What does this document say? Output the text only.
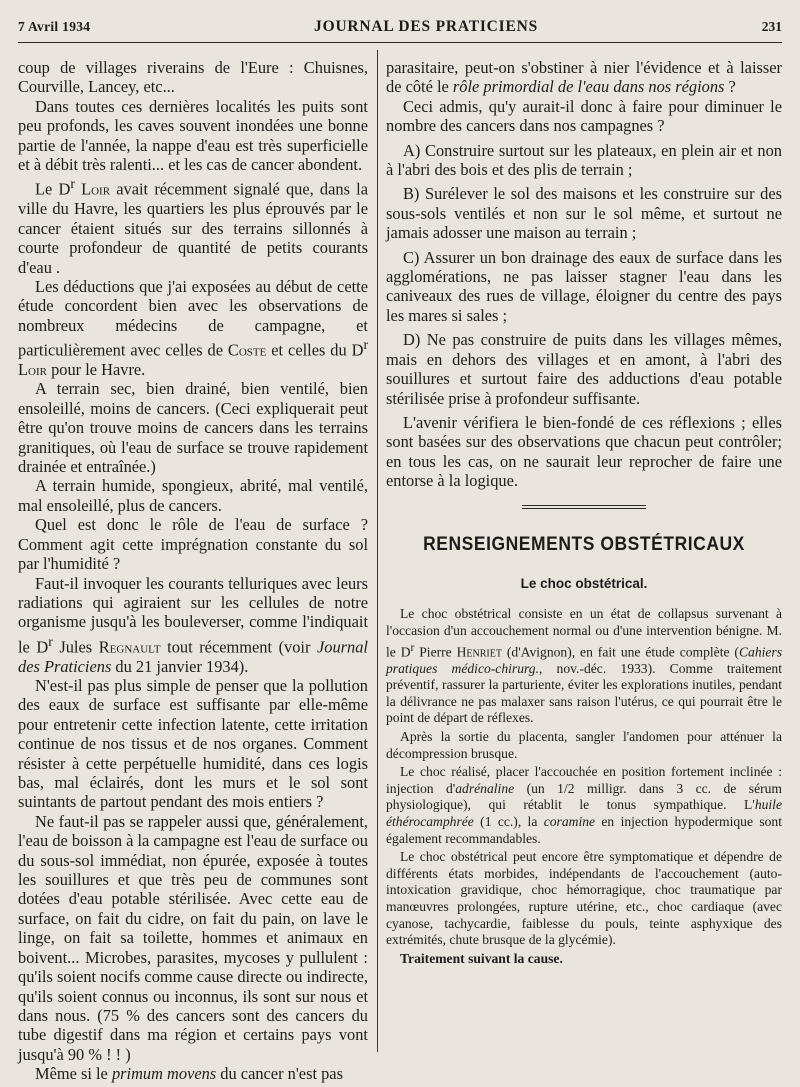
7 Avril 1934	JOURNAL DES PRATICIENS	231

coup de villages riverains de l'Eure : Chuisnes, Courville, Lancey, etc...

Dans toutes ces dernières localités les puits sont peu profonds, les caves souvent inondées une bonne partie de l'année, la nappe d'eau est très superficielle et à débit très ralenti... et les cas de cancer abondent.

Le $D^r$ Loir avait récemment signalé que, dans la ville du Havre, les quartiers les plus éprouvés par le cancer étaient situés sur des terrains sillonnés à courte profondeur de quantité de petits courants d'eau .

Les déductions que j'ai exposées au début de cette étude concordent bien avec les observations de nombreux médecins de campagne, et particulièrement avec celles de Coste et celles du $D^r$ Loir pour le Havre.

A terrain sec, bien drainé, bien ventilé, bien ensoleillé, moins de cancers. (Ceci expliquerait peut être qu'on trouve moins de cancers dans les terrains granitiques, où l'eau de surface se trouve rapidement drainée et entraînée.)

A terrain humide, spongieux, abrité, mal ventilé, mal ensoleillé, plus de cancers.

Quel est donc le rôle de l'eau de surface ? Comment agit cette imprégnation constante du sol par l'humidité ?

Faut-il invoquer les courants telluriques avec leurs radiations qui agiraient sur les cellules de notre organisme jusqu'à les bouleverser, comme l'indiquait le $D^r$ Jules Regnault tout récemment (voir Journal des Praticiens du 21 janvier 1934).

N'est-il pas plus simple de penser que la pollution des eaux de surface est suffisante par elle-même pour entretenir cette infection latente, cette irritation continue de nos tissus et de nos organes. Comment résister à cette perpétuelle humidité, dans ces logis bas, mal éclairés, dont les murs et le sol sont suintants de partout pendant des mois entiers ?

Ne faut-il pas se rappeler aussi que, généralement, l'eau de boisson à la campagne est l'eau de surface ou du sous-sol immédiat, non épurée, exposée à toutes les souillures et que très peu de communes sont dotées d'eau potable stérilisée. Avec cette eau de surface, on fait du cidre, on fait du pain, on lave le linge, on fait sa toilette, hommes et animaux en boivent... Microbes, parasites, mycoses y pullulent : qu'ils soient nocifs comme cause directe ou indirecte, qu'ils soient connus ou inconnus, ils sont sur nous et dans nous. (75 % des cancers sont des cancers du tube digestif dans ma région et certains pays vont jusqu'à 90 % ! ! )

Même si le primum movens du cancer n'est pas

parasitaire, peut-on s'obstiner à nier l'évidence et à laisser de côté le rôle primordial de l'eau dans nos régions ?

Ceci admis, qu'y aurait-il donc à faire pour diminuer le nombre des cancers dans nos campagnes ?

A) Construire surtout sur les plateaux, en plein air et non à l'abri des bois et des plis de terrain ;

B) Surélever le sol des maisons et les construire sur des sous-sols ventilés et non sur le sol même, et surtout ne jamais adosser une maison au terrain ;

C) Assurer un bon drainage des eaux de surface dans les agglomérations, ne pas laisser stagner l'eau dans les caniveaux des rues de village, éloigner du centre des pays les mares si sales ;

D) Ne pas construire de puits dans les villages mêmes, mais en dehors des villages et en amont, à l'abri des souillures et surtout faire des adductions d'eau potable stérilisée prise à profondeur suffisante.

L'avenir vérifiera le bien-fondé de ces réflexions ; elles sont basées sur des observations que chacun peut contrôler; en tous les cas, on ne saurait leur reprocher de faire une entorse à la logique.

RENSEIGNEMENTS OBSTÉTRICAUX
Le choc obstétrical.

Le choc obstétrical consiste en un état de collapsus survenant à l'occasion d'un accouchement normal ou d'une intervention bénigne. M. le $D^r$ Pierre Henriet (d'Avignon), en fait une étude complète (Cahiers pratiques médico-chirurg., nov.-déc. 1933). Comme traitement préventif, rassurer la parturiente, éviter les explorations inutiles, pendant la délivrance ne pas malaxer sans raison l'utérus, ce qui pourrait être le point de départ de réflexes.

Après la sortie du placenta, sangler l'andomen pour atténuer la décompression brusque.

Le choc réalisé, placer l'accouchée en position fortement inclinée : injection d'adrénaline (un 1/2 milligr. dans 3 cc. de sérum physiologique), qui rétablit le tonus sympathique. L'huile éthérocamphrée (1 cc.), la coramine en injection hypodermique sont également recommandables.

Le choc obstétrical peut encore être symptomatique et dépendre de différents états morbides, indépendants de l'accouchement (auto-intoxication gravidique, choc hémorragique, choc traumatique par manœuvres prolongées, rupture utérine, etc., choc cardiaque (avec cyanose, tachycardie, faiblesse du pouls, teinte asphyxique des extrémités, chute brusque de la glycémie).

Traitement suivant la cause.
